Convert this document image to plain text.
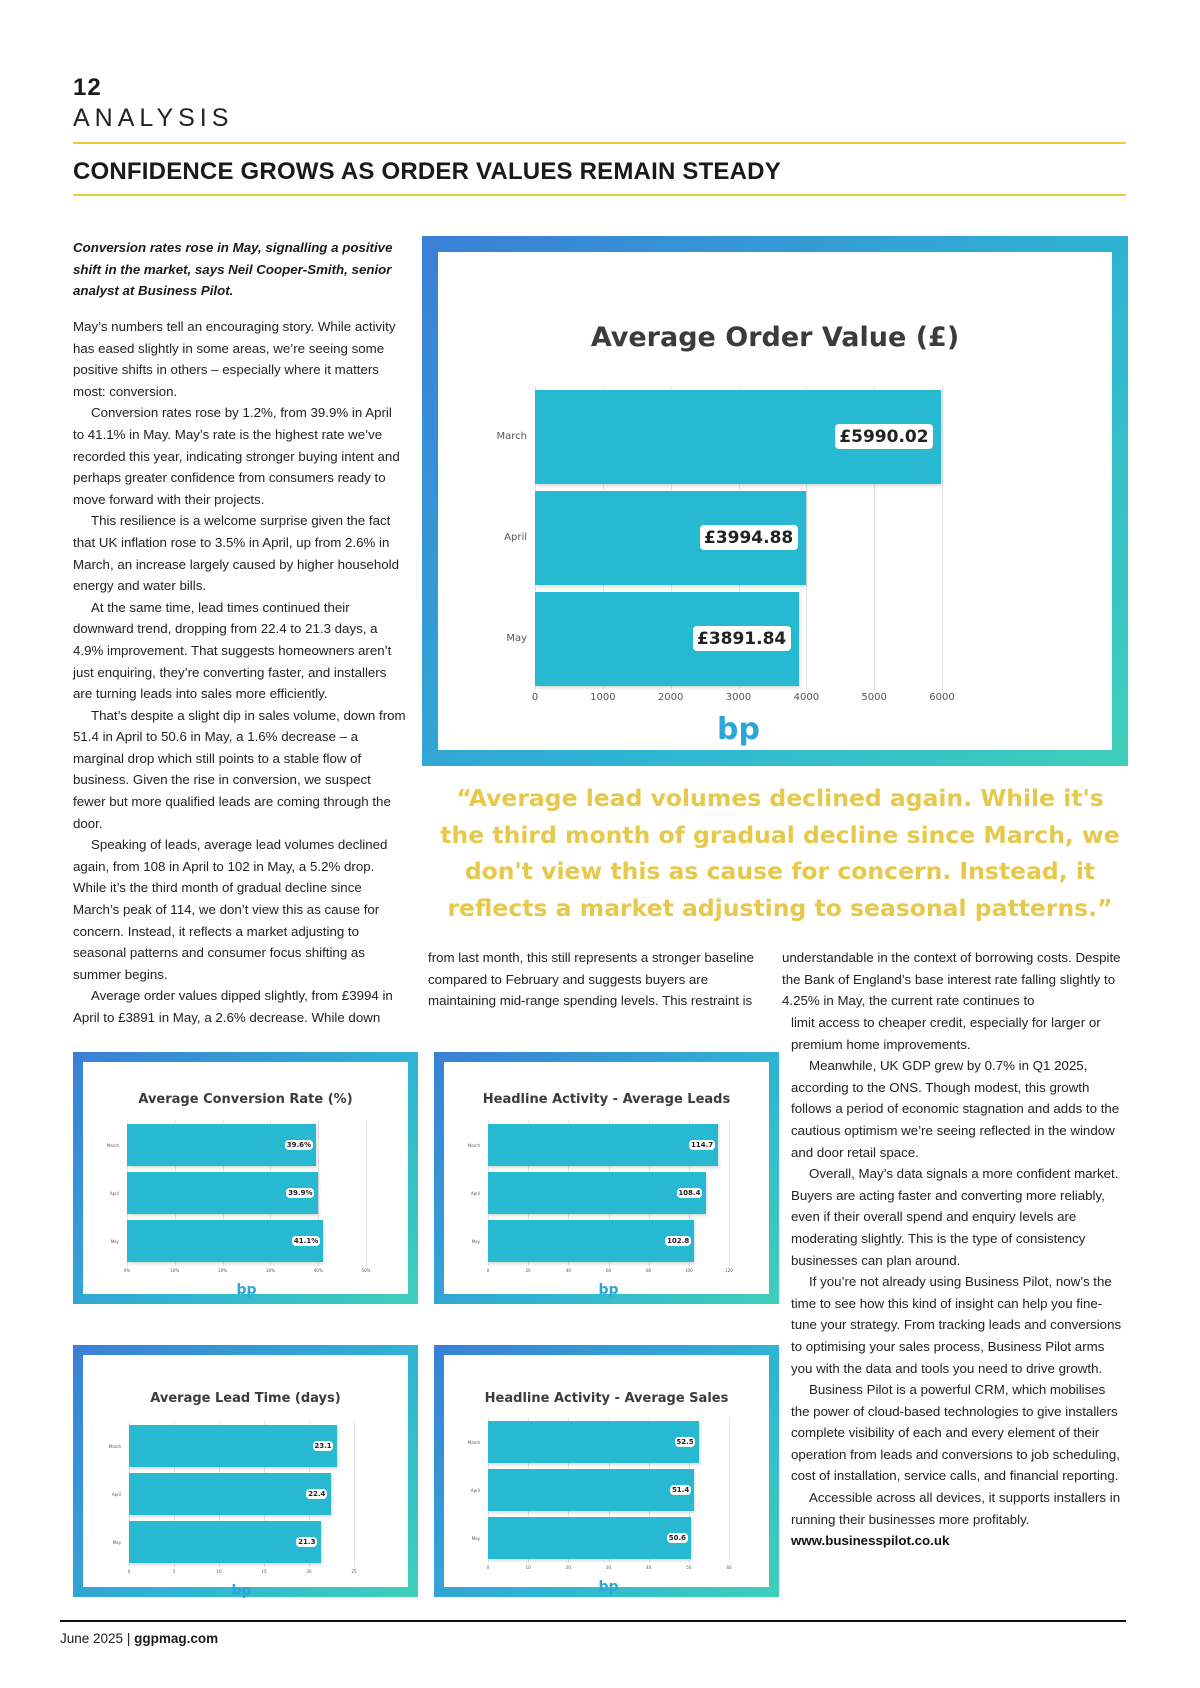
12
ANALYSIS
CONFIDENCE GROWS AS ORDER VALUES REMAIN STEADY
Conversion rates rose in May, signalling a positive shift in the market, says Neil Cooper-Smith, senior analyst at Business Pilot.

May’s numbers tell an encouraging story. While activity has eased slightly in some areas, we’re seeing some positive shifts in others – especially where it matters most: conversion.

Conversion rates rose by 1.2%, from 39.9% in April to 41.1% in May. May’s rate is the highest rate we’ve recorded this year, indicating stronger buying intent and perhaps greater confidence from consumers ready to move forward with their projects.

This resilience is a welcome surprise given the fact that UK inflation rose to 3.5% in April, up from 2.6% in March, an increase largely caused by higher household energy and water bills.

At the same time, lead times continued their downward trend, dropping from 22.4 to 21.3 days, a 4.9% improvement. That suggests homeowners aren’t just enquiring, they’re converting faster, and installers are turning leads into sales more efficiently.

That’s despite a slight dip in sales volume, down from 51.4 in April to 50.6 in May, a 1.6% decrease – a marginal drop which still points to a stable flow of business. Given the rise in conversion, we suspect fewer but more qualified leads are coming through the door.

Speaking of leads, average lead volumes declined again, from 108 in April to 102 in May, a 5.2% drop. While it’s the third month of gradual decline since March’s peak of 114, we don’t view this as cause for concern. Instead, it reflects a market adjusting to seasonal patterns and consumer focus shifting as summer begins.

Average order values dipped slightly, from £3994 in April to £3891 in May, a 2.6% decrease. While down

from last month, this still represents a stronger baseline compared to February and suggests buyers are maintaining mid-range spending levels. This restraint is

understandable in the context of borrowing costs. Despite the Bank of England’s base interest rate falling slightly to 4.25% in May, the current rate continues to

limit access to cheaper credit, especially for larger or premium home improvements.

Meanwhile, UK GDP grew by 0.7% in Q1 2025, according to the ONS. Though modest, this growth follows a period of economic stagnation and adds to the cautious optimism we’re seeing reflected in the window and door retail space.

Overall, May’s data signals a more confident market. Buyers are acting faster and converting more reliably, even if their overall spend and enquiry levels are moderating slightly. This is the type of consistency businesses can plan around.

If you’re not already using Business Pilot, now’s the time to see how this kind of insight can help you fine-tune your strategy. From tracking leads and conversions to optimising your sales process, Business Pilot arms you with the data and tools you need to drive growth.

Business Pilot is a powerful CRM, which mobilises the power of cloud-based technologies to give installers complete visibility of each and every element of their operation from leads and conversions to job scheduling, cost of installation, service calls, and financial reporting.

Accessible across all devices, it supports installers in running their businesses more profitably.

www.businesspilot.co.uk

“Average lead volumes declined again. While it's the third month of gradual decline since March, we don't view this as cause for concern. Instead, it reflects a market adjusting to seasonal patterns.”
Average Order Value (£)
0	1000	2000	3000	4000	5000	6000
March	£5990.02
April	£3994.88
May	£3891.84
bp
Average Conversion Rate (%)
0%	10%	20%	30%	40%	50%
March	39.6%
April	39.9%
May	41.1%
bp
Headline Activity - Average Leads
0	20	40	60	80	100	120
March	114.7
April	108.4
May	102.8
bp
Average Lead Time (days)
0	5	10	15	20	25
March	23.1
April	22.4
May	21.3
bp
Headline Activity - Average Sales
0	10	20	30	40	50	60
March	52.5
April	51.4
May	50.6
bp
June 2025 | ggpmag.com
